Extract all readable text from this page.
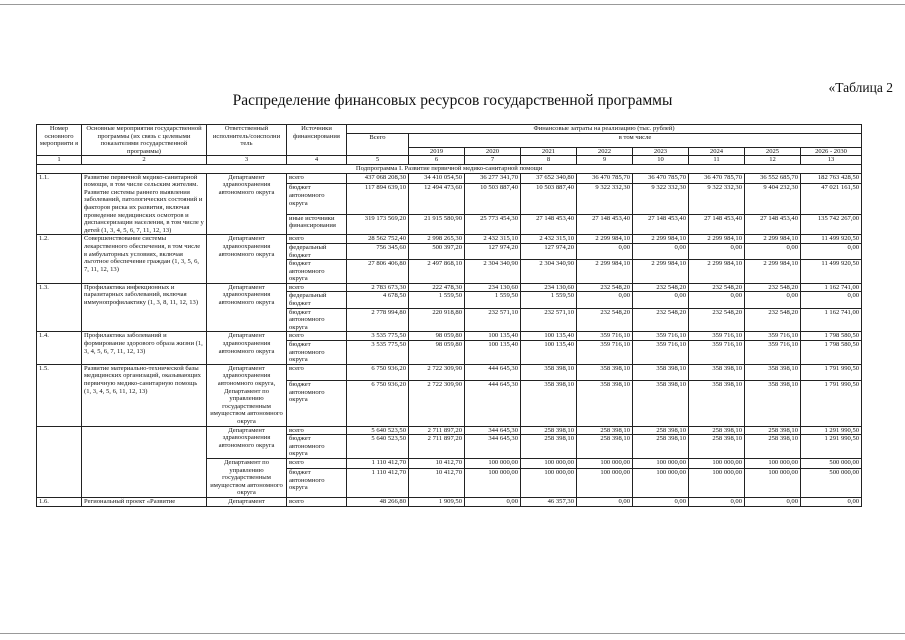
«Таблица 2
Распределение финансовых ресурсов государственной программы
Номер основного мероприяти я	Основные мероприятия государственной программы (их связь с целевыми показателями государственной программы)	Ответственный исполнитель/соисполни тель	Источники финансирования	Финансовые затраты на реализацию (тыс. рублей)								
				Всего	в том числе							
					2019	2020	2021	2022	2023	2024	2025	2026 - 2030
1	2	3	4	5	6	7	8	9	10	11	12	13
Подпрограмма I. Развитие первичной медико-санитарной помощи												
1.1.	Развитие первичной медико-санитарной помощи, в том числе сельским жителям. Развитие системы раннего выявления заболеваний, патологических состояний и факторов риска их развития, включая проведение медицинских осмотров и диспансеризации населения, в том числе у детей (1, 3, 4, 5, 6, 7, 11, 12, 13)	Департамент здравоохранения автономного округа	всего	437 068 208,30	34 410 054,50	36 277 341,70	37 652 340,80	36 470 785,70	36 470 785,70	36 470 785,70	36 552 685,70	182 763 428,50
			бюджет автономного округа	117 894 639,10	12 494 473,60	10 503 887,40	10 503 887,40	9 322 332,30	9 322 332,30	9 322 332,30	9 404 232,30	47 021 161,50
			иные источники финансирования	319 173 569,20	21 915 580,90	25 773 454,30	27 148 453,40	27 148 453,40	27 148 453,40	27 148 453,40	27 148 453,40	135 742 267,00
1.2.	Совершенствование системы лекарственного обеспечения, в том числе в амбулаторных условиях, включая льготное обеспечение граждан (1, 3, 5, 6, 7, 11, 12, 13)	Департамент здравоохранения автономного округа	всего	28 562 752,40	2 998 265,30	2 432 315,10	2 432 315,10	2 299 984,10	2 299 984,10	2 299 984,10	2 299 984,10	11 499 920,50
			федеральный бюджет	756 345,60	500 397,20	127 974,20	127 974,20	0,00	0,00	0,00	0,00	0,00
			бюджет автономного округа	27 806 406,80	2 497 868,10	2 304 340,90	2 304 340,90	2 299 984,10	2 299 984,10	2 299 984,10	2 299 984,10	11 499 920,50
1.3.	Профилактика инфекционных и паразитарных заболеваний, включая иммунопрофилактику (1, 3, 8, 11, 12, 13)	Департамент здравоохранения автономного округа	всего	2 783 673,30	222 478,30	234 130,60	234 130,60	232 548,20	232 548,20	232 548,20	232 548,20	1 162 741,00
			федеральный бюджет	4 678,50	1 559,50	1 559,50	1 559,50	0,00	0,00	0,00	0,00	0,00
			бюджет автономного округа	2 778 994,80	220 918,80	232 571,10	232 571,10	232 548,20	232 548,20	232 548,20	232 548,20	1 162 741,00
1.4.	Профилактика заболеваний и формирование здорового образа жизни (1, 3, 4, 5, 6, 7, 11, 12, 13)	Департамент здравоохранения автономного округа	всего	3 535 775,50	98 059,80	100 135,40	100 135,40	359 716,10	359 716,10	359 716,10	359 716,10	1 798 580,50
			бюджет автономного округа	3 535 775,50	98 059,80	100 135,40	100 135,40	359 716,10	359 716,10	359 716,10	359 716,10	1 798 580,50
1.5.	Развитие материально-технической базы медицинских организаций, оказывающих первичную медико-санитарную помощь (1, 3, 4, 5, 6, 11, 12, 13)	Департамент здравоохранения автономного округа, Департамент по управлению государственным имуществом автономного округа	всего	6 750 936,20	2 722 309,90	444 645,30	358 398,10	358 398,10	358 398,10	358 398,10	358 398,10	1 791 990,50
			бюджет автономного округа	6 750 936,20	2 722 309,90	444 645,30	358 398,10	358 398,10	358 398,10	358 398,10	358 398,10	1 791 990,50
		Департамент здравоохранения автономного округа	всего	5 640 523,50	2 711 897,20	344 645,30	258 398,10	258 398,10	258 398,10	258 398,10	258 398,10	1 291 990,50
			бюджет автономного округа	5 640 523,50	2 711 897,20	344 645,30	258 398,10	258 398,10	258 398,10	258 398,10	258 398,10	1 291 990,50
		Департамент по управлению государственным имуществом автономного округа	всего	1 110 412,70	10 412,70	100 000,00	100 000,00	100 000,00	100 000,00	100 000,00	100 000,00	500 000,00
			бюджет автономного округа	1 110 412,70	10 412,70	100 000,00	100 000,00	100 000,00	100 000,00	100 000,00	100 000,00	500 000,00
1.6.	Региональный проект «Развитие	Департамент	всего	48 266,80	1 909,50	0,00	46 357,30	0,00	0,00	0,00	0,00	0,00
